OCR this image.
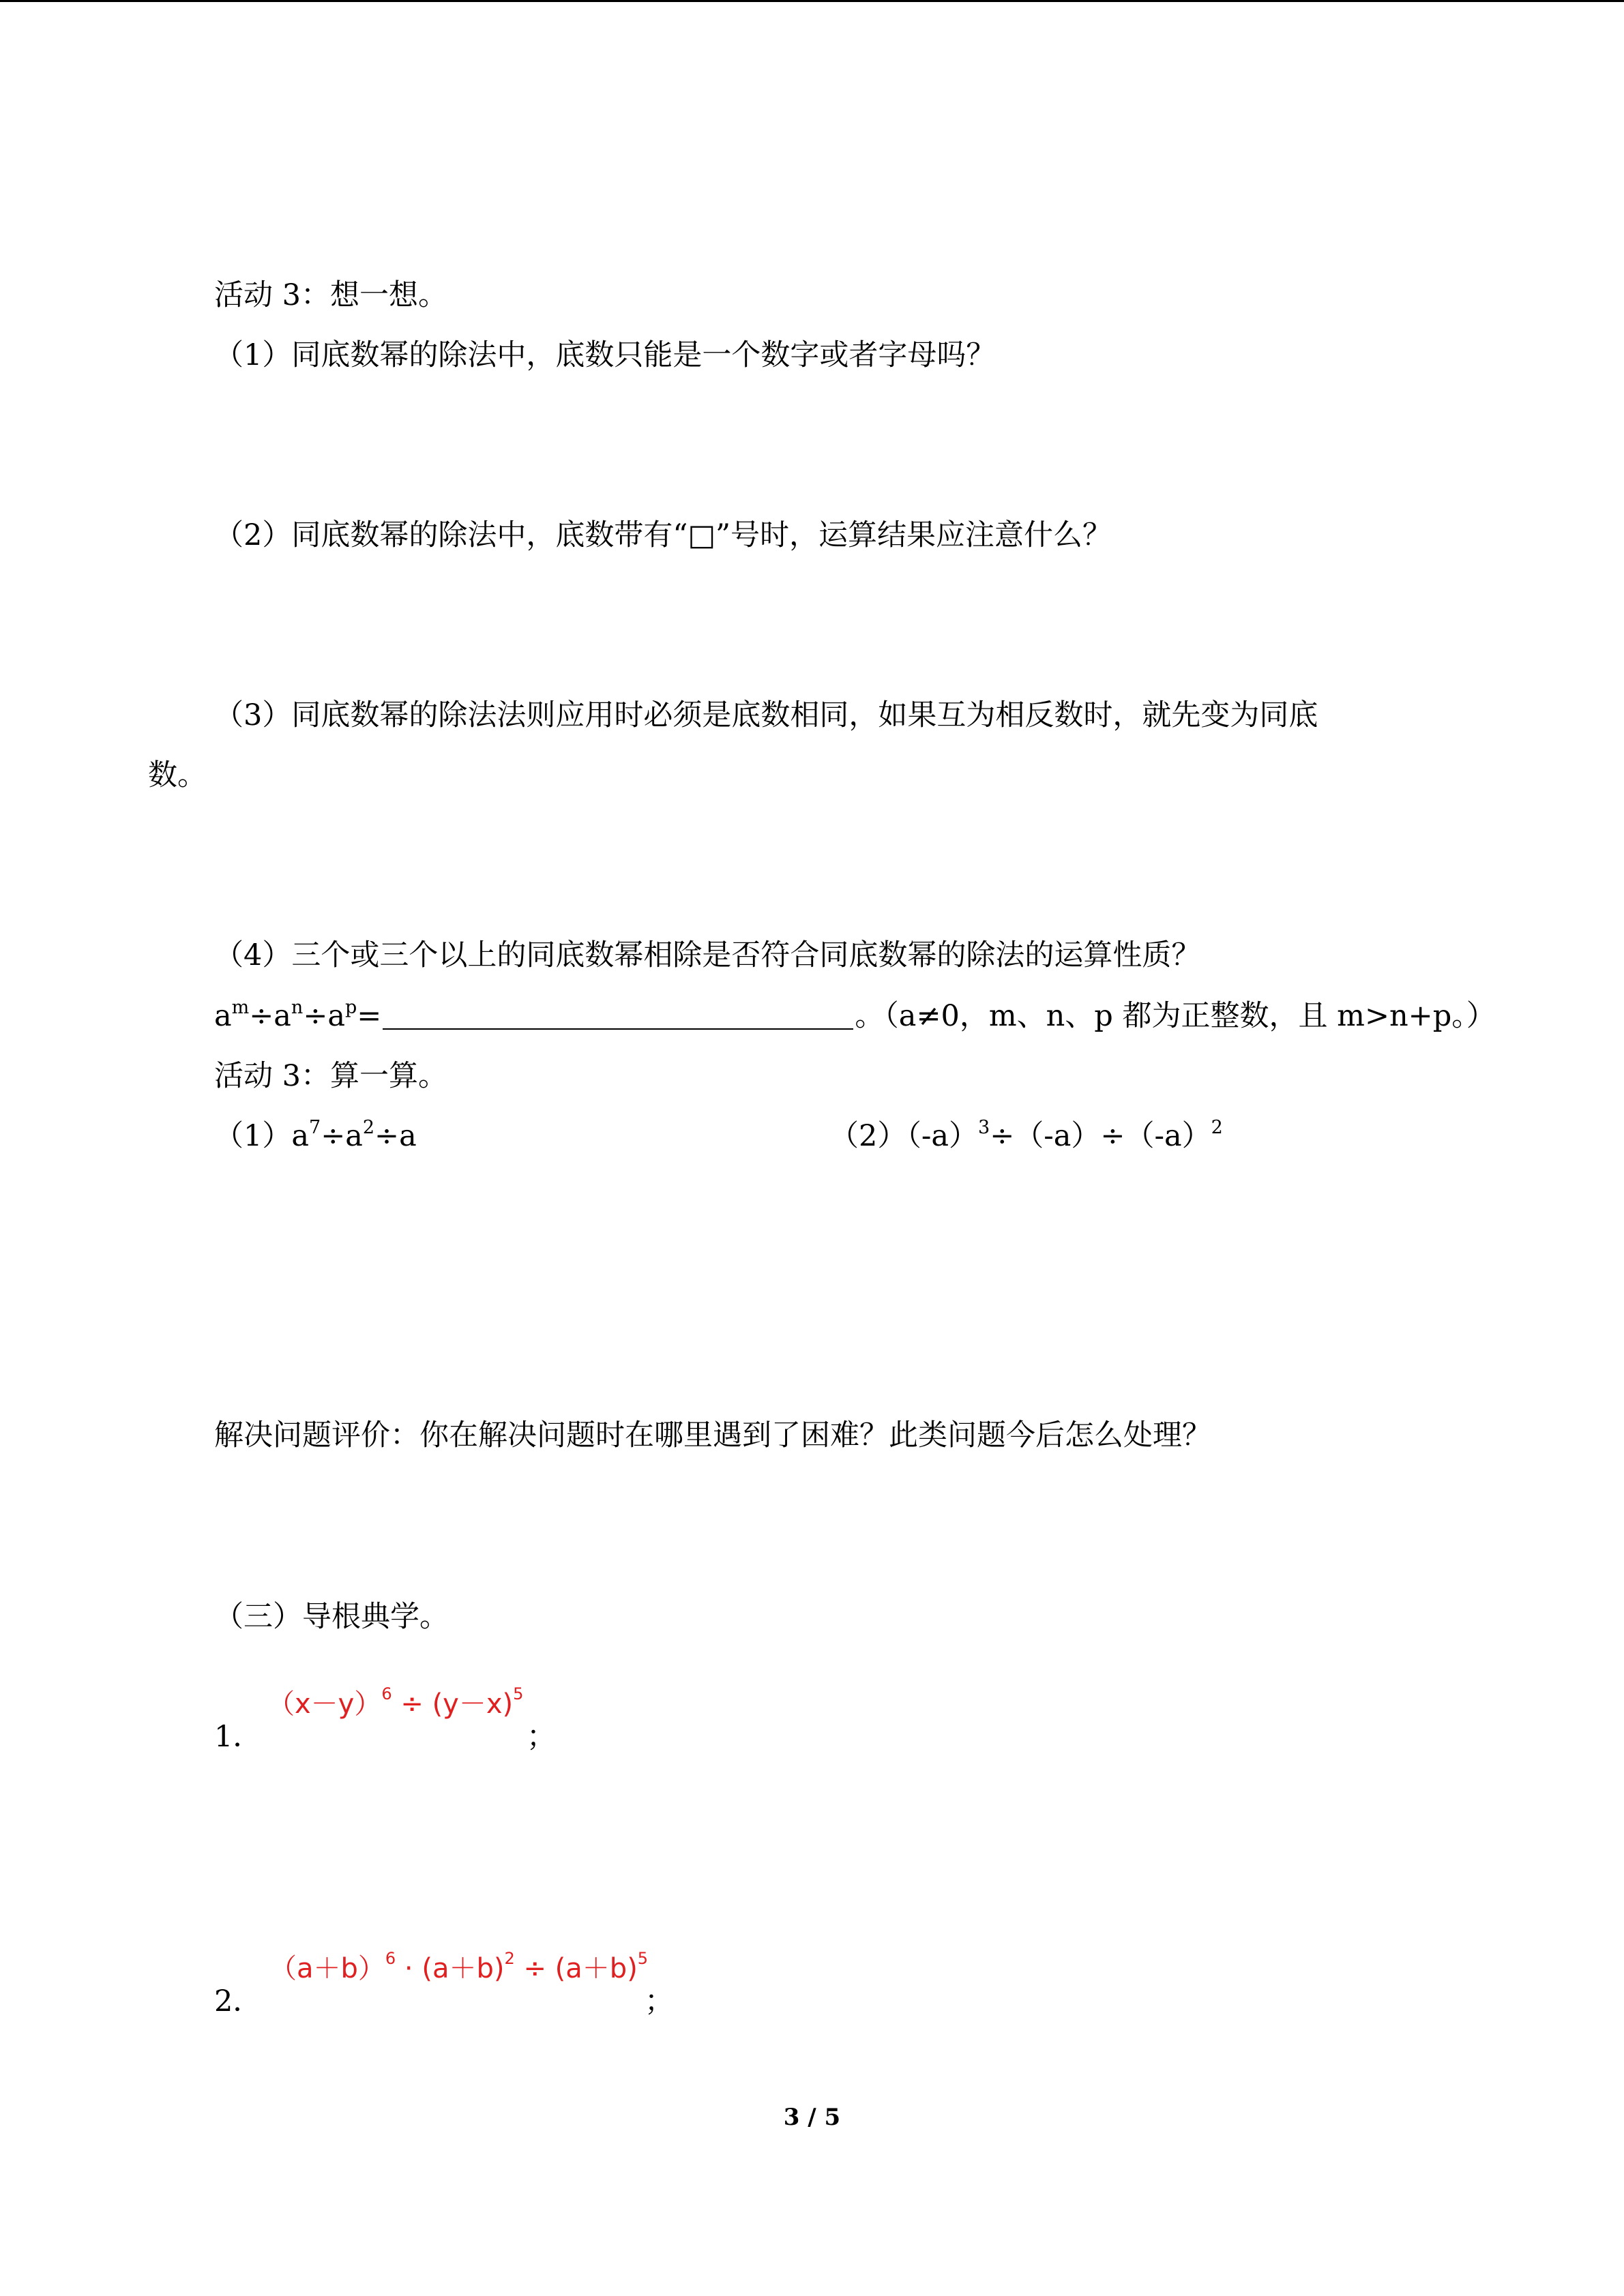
活动 3：想一想。
（1）同底数幂的除法中，底数只能是一个数字或者字母吗？
（2）同底数幂的除法中，底数带有“□”号时，运算结果应注意什么？
（3）同底数幂的除法法则应用时必须是底数相同，如果互为相反数时，就先变为同底
数。
（4）三个或三个以上的同底数幂相除是否符合同底数幂的除法的运算性质？
$a^m\div a^n\div a^p=$	。（a≠0，m、n、p 都为正整数，且 m>n+p。）
活动 3：算一算。
$(1)a^7\div a^2\div a$	$(2)(-a)^3\div(-a)\div(-a)^2$
解决问题评价：你在解决问题时在哪里遇到了困难？此类问题今后怎么处理？
（三）导根典学。
1．
$(x-y)^6 \div (y-x)^5$
；
2．
$(a+b)^6 \cdot (a+b)^2 \div (a+b)^5$
；
3 / 5
